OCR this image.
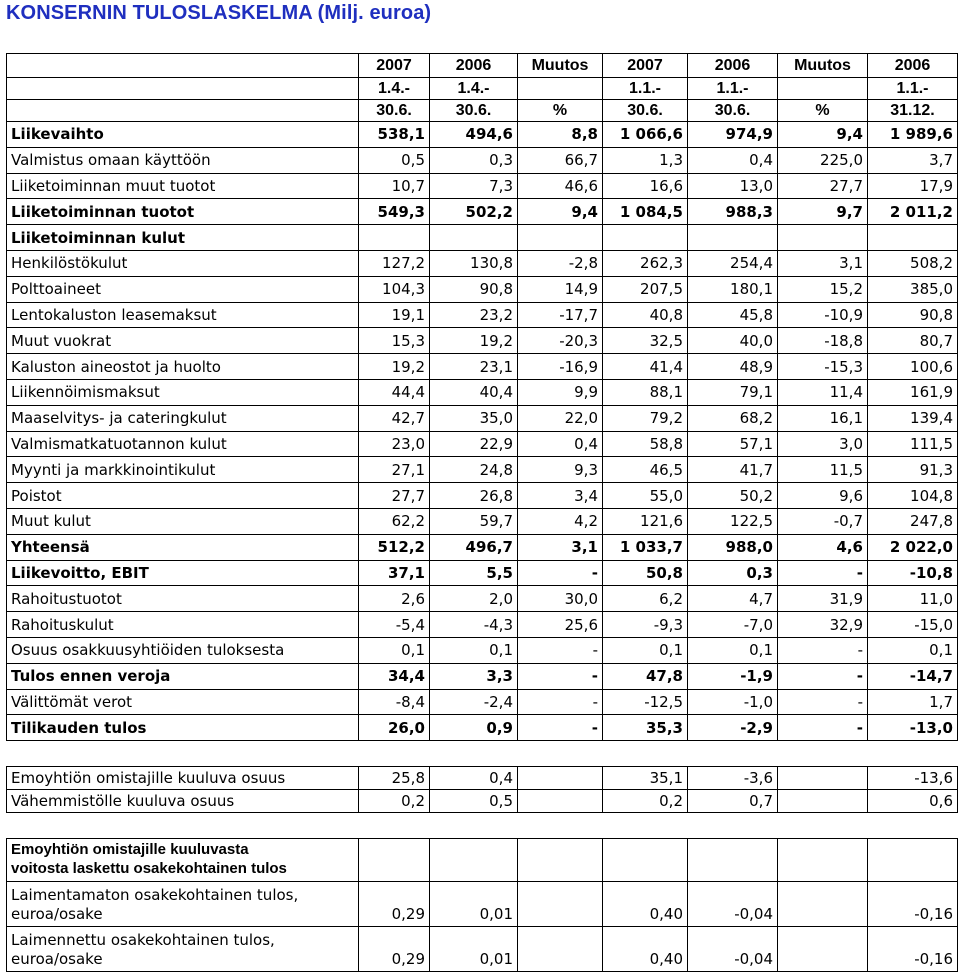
KONSERNIN TULOSLASKELMA (Milj. euroa)
	2007	2006	Muutos	2007	2006	Muutos	2006
	1.4.-	1.4.-		1.1.-	1.1.-		1.1.-
	30.6.	30.6.	%	30.6.	30.6.	%	31.12.
Liikevaihto	538,1	494,6	8,8	1 066,6	974,9	9,4	1 989,6
Valmistus omaan käyttöön	0,5	0,3	66,7	1,3	0,4	225,0	3,7
Liiketoiminnan muut tuotot	10,7	7,3	46,6	16,6	13,0	27,7	17,9
Liiketoiminnan tuotot	549,3	502,2	9,4	1 084,5	988,3	9,7	2 011,2
Liiketoiminnan kulut							
Henkilöstökulut	127,2	130,8	-2,8	262,3	254,4	3,1	508,2
Polttoaineet	104,3	90,8	14,9	207,5	180,1	15,2	385,0
Lentokaluston leasemaksut	19,1	23,2	-17,7	40,8	45,8	-10,9	90,8
Muut vuokrat	15,3	19,2	-20,3	32,5	40,0	-18,8	80,7
Kaluston aineostot ja huolto	19,2	23,1	-16,9	41,4	48,9	-15,3	100,6
Liikennöimismaksut	44,4	40,4	9,9	88,1	79,1	11,4	161,9
Maaselvitys- ja cateringkulut	42,7	35,0	22,0	79,2	68,2	16,1	139,4
Valmismatkatuotannon kulut	23,0	22,9	0,4	58,8	57,1	3,0	111,5
Myynti ja markkinointikulut	27,1	24,8	9,3	46,5	41,7	11,5	91,3
Poistot	27,7	26,8	3,4	55,0	50,2	9,6	104,8
Muut kulut	62,2	59,7	4,2	121,6	122,5	-0,7	247,8
Yhteensä	512,2	496,7	3,1	1 033,7	988,0	4,6	2 022,0
Liikevoitto, EBIT	37,1	5,5	-	50,8	0,3	-	-10,8
Rahoitustuotot	2,6	2,0	30,0	6,2	4,7	31,9	11,0
Rahoituskulut	-5,4	-4,3	25,6	-9,3	-7,0	32,9	-15,0
Osuus osakkuusyhtiöiden tuloksesta	0,1	0,1	-	0,1	0,1	-	0,1
Tulos ennen veroja	34,4	3,3	-	47,8	-1,9	-	-14,7
Välittömät verot	-8,4	-2,4	-	-12,5	-1,0	-	1,7
Tilikauden tulos	26,0	0,9	-	35,3	-2,9	-	-13,0
Emoyhtiön omistajille kuuluva osuus	25,8	0,4		35,1	-3,6		-13,6
Vähemmistölle kuuluva osuus	0,2	0,5		0,2	0,7		0,6
Emoyhtiön omistajille kuuluvasta
voitosta laskettu osakekohtainen tulos							

Laimentamaton osakekohtainen tulos,
euroa/osake	0,29	0,01		0,40	-0,04		-0,16

Laimennettu osakekohtainen tulos,
euroa/osake	0,29	0,01		0,40	-0,04		-0,16
